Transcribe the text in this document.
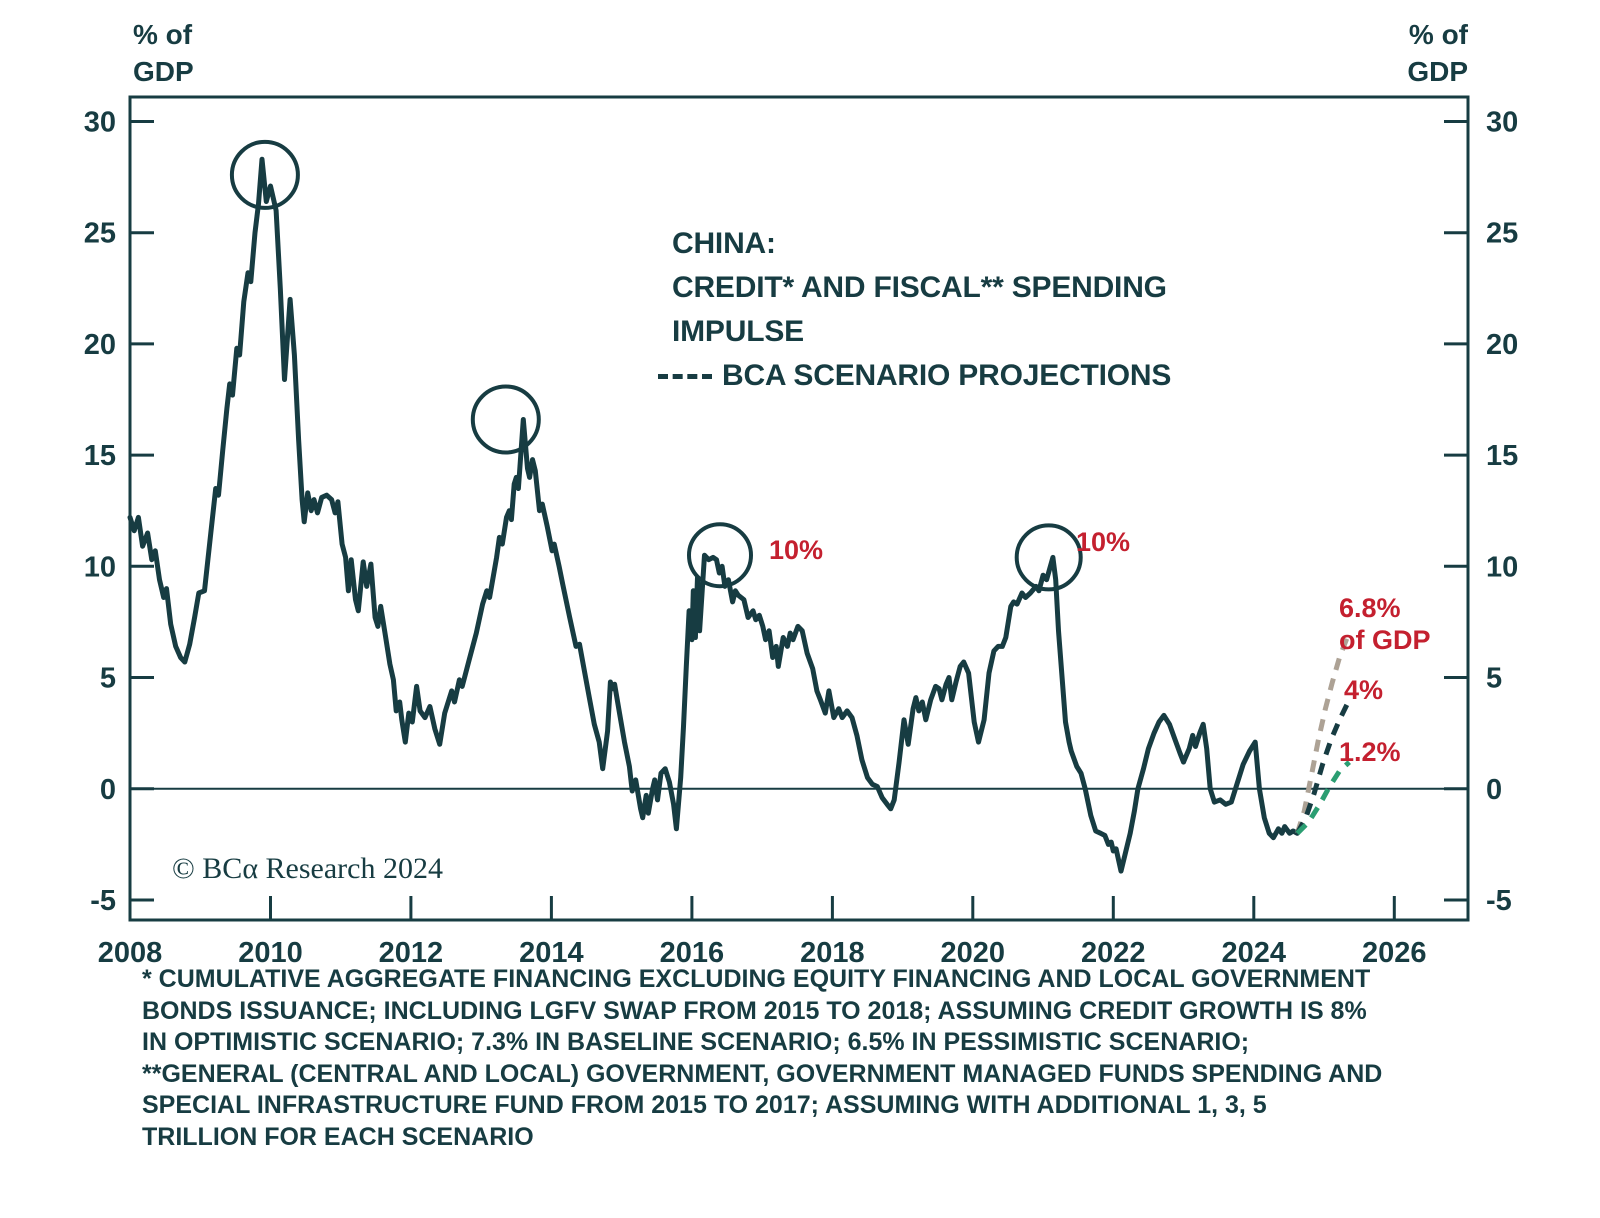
2008	2010	2012	2014	2016	2018	2020	2022	2024	2026
30	30
25	25
20	20
15	15
10	10
5	5
0	0
-5	-5
% of
GDP
% of
GDP
CHINA:
CREDIT* AND FISCAL** SPENDING
IMPULSE
BCA SCENARIO PROJECTIONS
© BCα Research 2024
10%	10%
6.8%
of GDP
4%
1.2%
* CUMULATIVE AGGREGATE FINANCING EXCLUDING EQUITY FINANCING AND LOCAL GOVERNMENT
BONDS ISSUANCE; INCLUDING LGFV SWAP FROM 2015 TO 2018; ASSUMING CREDIT GROWTH IS 8%
IN OPTIMISTIC SCENARIO; 7.3% IN BASELINE SCENARIO; 6.5% IN PESSIMISTIC SCENARIO;
**GENERAL (CENTRAL AND LOCAL) GOVERNMENT, GOVERNMENT MANAGED FUNDS SPENDING AND
SPECIAL INFRASTRUCTURE FUND FROM 2015 TO 2017; ASSUMING WITH ADDITIONAL 1, 3, 5
TRILLION FOR EACH SCENARIO
